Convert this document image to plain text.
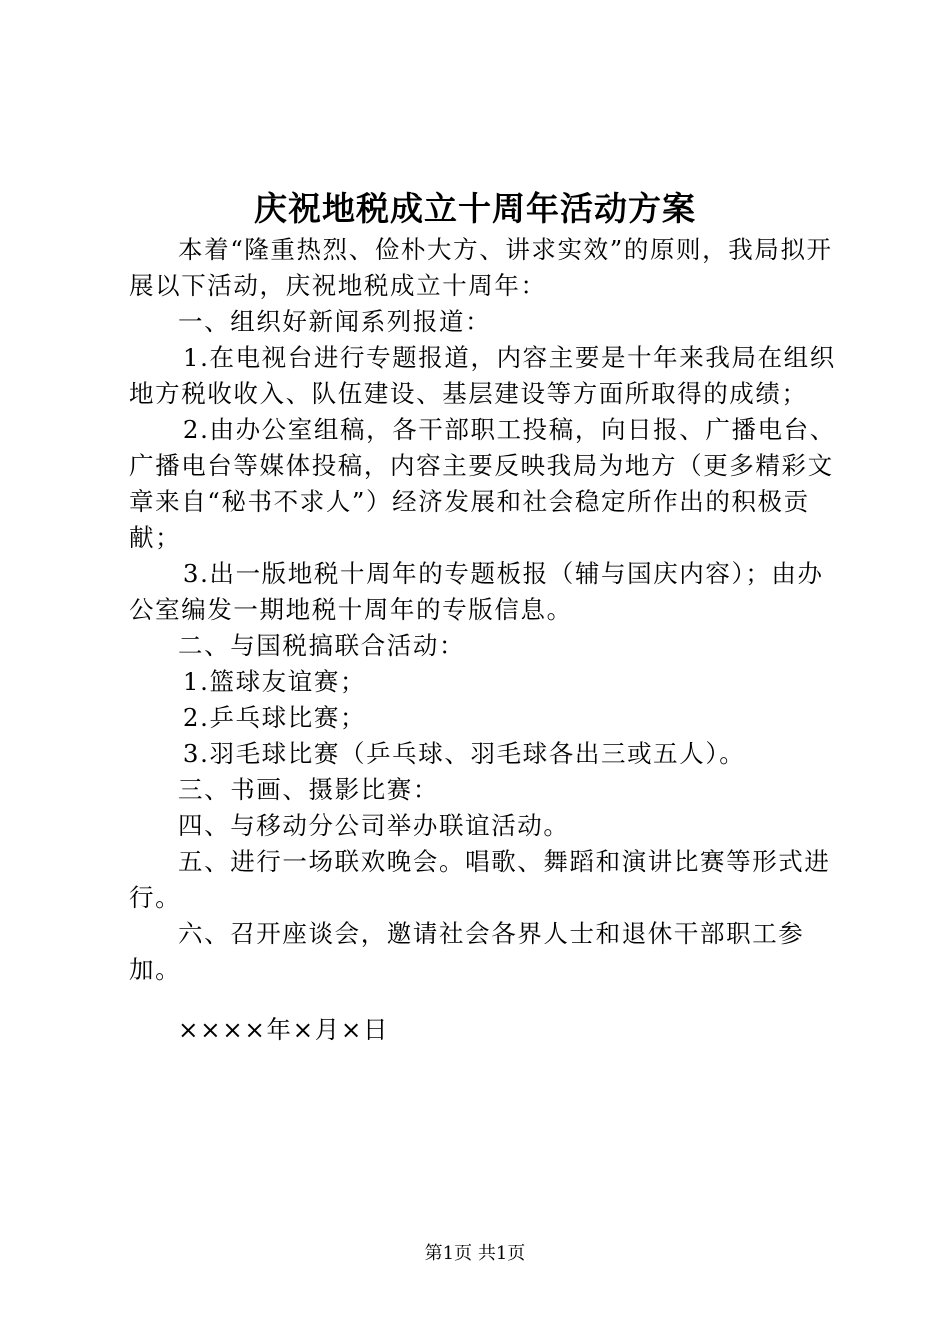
庆祝地税成立十周年活动方案

本着“隆重热烈、俭朴大方、讲求实效”的原则，我局拟开展以下活动，庆祝地税成立十周年：

一、组织好新闻系列报道：

1.在电视台进行专题报道，内容主要是十年来我局在组织地方税收收入、队伍建设、基层建设等方面所取得的成绩；

2.由办公室组稿，各干部职工投稿，向日报、广播电台、广播电台等媒体投稿，内容主要反映我局为地方（更多精彩文章来自“秘书不求人”）经济发展和社会稳定所作出的积极贡献；

3.出一版地税十周年的专题板报（辅与国庆内容）；由办公室编发一期地税十周年的专版信息。

二、与国税搞联合活动：

1.篮球友谊赛；

2.乒乓球比赛；

3.羽毛球比赛（乒乓球、羽毛球各出三或五人）。

三、书画、摄影比赛：

四、与移动分公司举办联谊活动。

五、进行一场联欢晚会。唱歌、舞蹈和演讲比赛等形式进行。

六、召开座谈会，邀请社会各界人士和退休干部职工参加。

××××年×月×日

第1页 共1页
